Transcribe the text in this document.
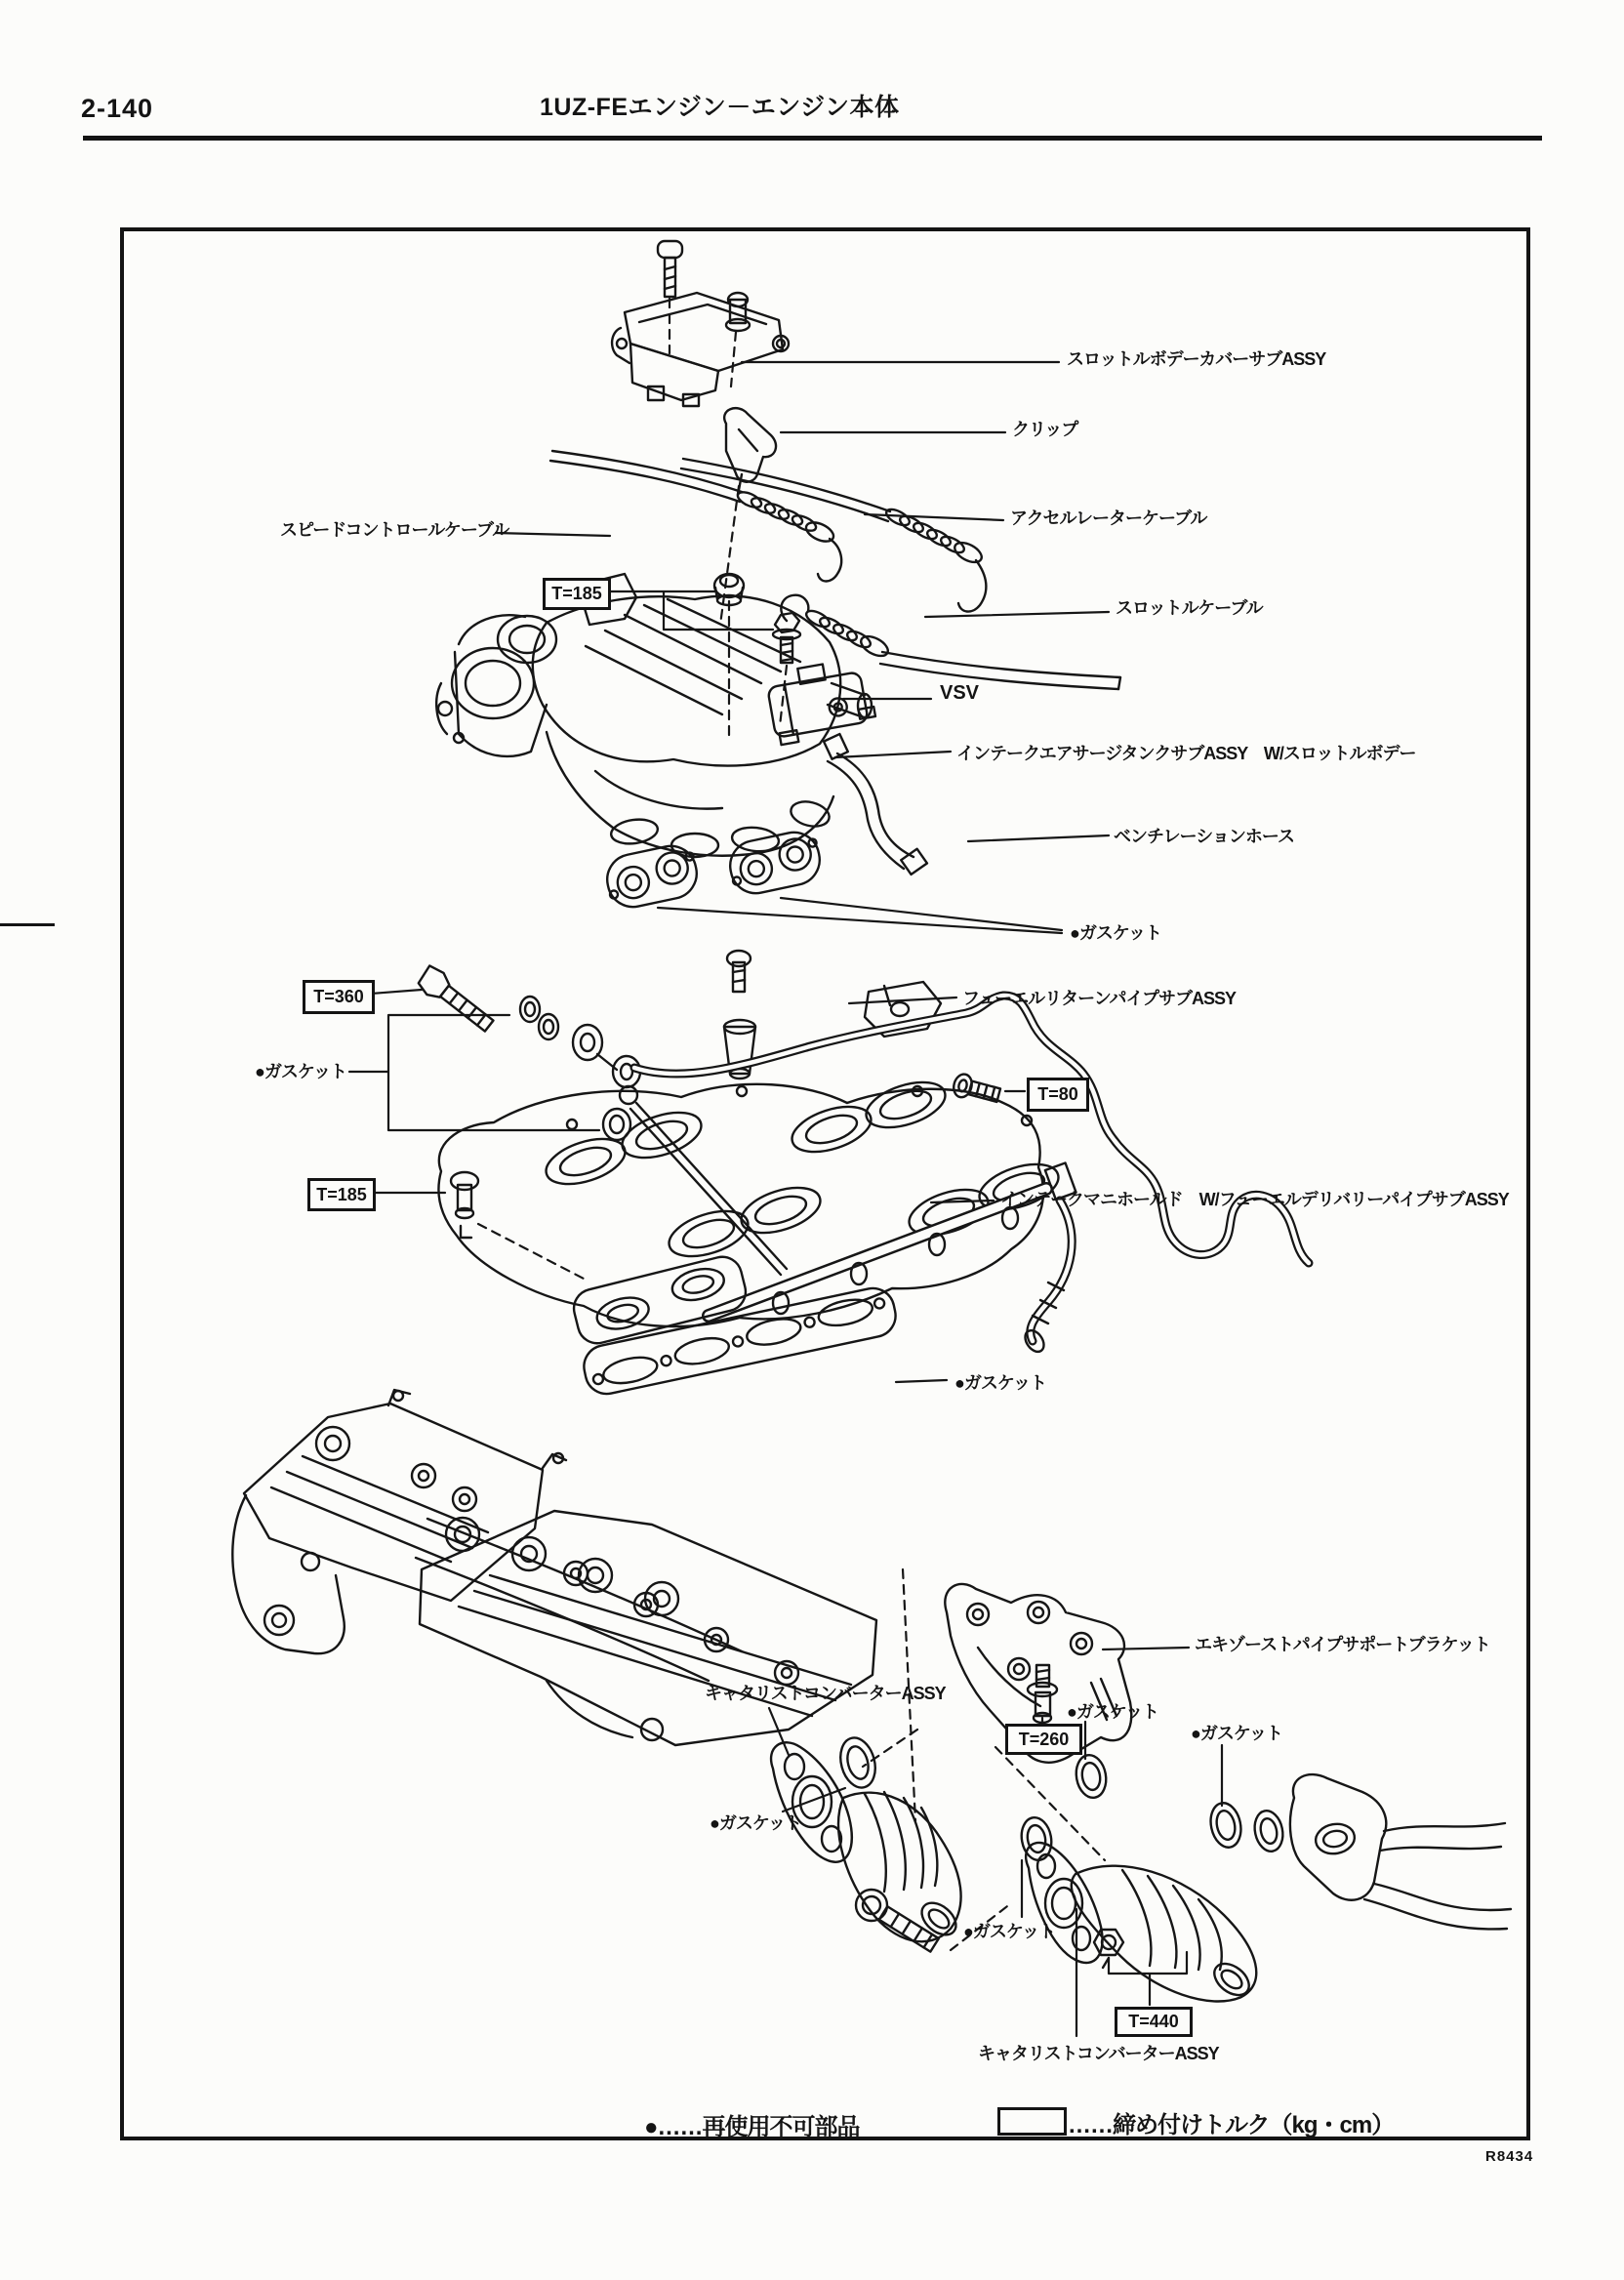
2-140	1UZ-FEエンジン－エンジン本体
スロットルボデーカバーサブASSY
クリップ
スピードコントロールケーブル
アクセルレーターケーブル
スロットルケーブル
VSV
インテークエアサージタンクサブASSY　W/スロットルボデー
ベンチレーションホース
●ガスケット
フューエルリターンパイプサブASSY
●ガスケット
インテークマニホールド　W/フューエルデリバリーパイプサブASSY
●ガスケット
エキゾーストパイプサポートブラケット
キャタリストコンバーターASSY
●ガスケット
●ガスケット
●ガスケット
●ガスケット
キャタリストコンバーターASSY
T=185
T=360
T=80
T=185
T=260
T=440
●……再使用不可部品	……締め付けトルク（kg・cm）
R8434
